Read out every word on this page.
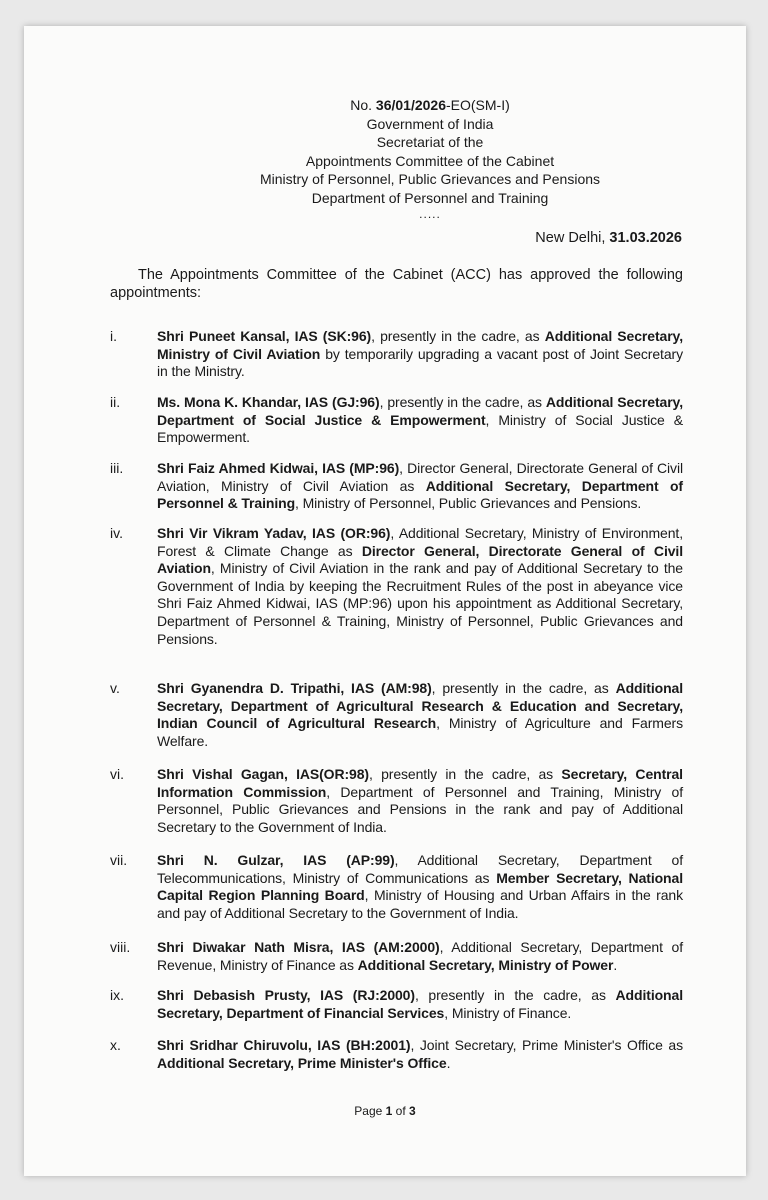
No. 36/01/2026-EO(SM-I)
Government of India
Secretariat of the
Appointments Committee of the Cabinet
Ministry of Personnel, Public Grievances and Pensions
Department of Personnel and Training
.....
New Delhi, 31.03.2026

The Appointments Committee of the Cabinet (ACC) has approved the following appointments:

i.	Shri Puneet Kansal, IAS (SK:96), presently in the cadre, as Additional Secretary, Ministry of Civil Aviation by temporarily upgrading a vacant post of Joint Secretary in the Ministry.
ii.	Ms. Mona K. Khandar, IAS (GJ:96), presently in the cadre, as Additional Secretary, Department of Social Justice & Empowerment, Ministry of Social Justice & Empowerment.
iii. Shri Faiz Ahmed Kidwai, IAS (MP:96), Director General, Directorate General of Civil Aviation, Ministry of Civil Aviation as Additional Secretary, Department of Personnel & Training, Ministry of Personnel, Public Grievances and Pensions.
iv. Shri Vir Vikram Yadav, IAS (OR:96), Additional Secretary, Ministry of Environment, Forest & Climate Change as Director General, Directorate General of Civil Aviation, Ministry of Civil Aviation in the rank and pay of Additional Secretary to the Government of India by keeping the Recruitment Rules of the post in abeyance vice Shri Faiz Ahmed Kidwai, IAS (MP:96) upon his appointment as Additional Secretary, Department of Personnel & Training, Ministry of Personnel, Public Grievances and Pensions.
v.	Shri Gyanendra D. Tripathi, IAS (AM:98), presently in the cadre, as Additional Secretary, Department of Agricultural Research & Education and Secretary, Indian Council of Agricultural Research, Ministry of Agriculture and Farmers Welfare.
vi. Shri Vishal Gagan, IAS(OR:98), presently in the cadre, as Secretary, Central Information Commission, Department of Personnel and Training, Ministry of Personnel, Public Grievances and Pensions in the rank and pay of Additional Secretary to the Government of India.
vii. Shri N. Gulzar, IAS (AP:99), Additional Secretary, Department of Telecommunications, Ministry of Communications as Member Secretary, National Capital Region Planning Board, Ministry of Housing and Urban Affairs in the rank and pay of Additional Secretary to the Government of India.
viii. Shri Diwakar Nath Misra, IAS (AM:2000), Additional Secretary, Department of Revenue, Ministry of Finance as Additional Secretary, Ministry of Power.
ix. Shri Debasish Prusty, IAS (RJ:2000), presently in the cadre, as Additional Secretary, Department of Financial Services, Ministry of Finance.
x.	Shri Sridhar Chiruvolu, IAS (BH:2001), Joint Secretary, Prime Minister's Office as Additional Secretary, Prime Minister's Office.
Page 1 of 3
